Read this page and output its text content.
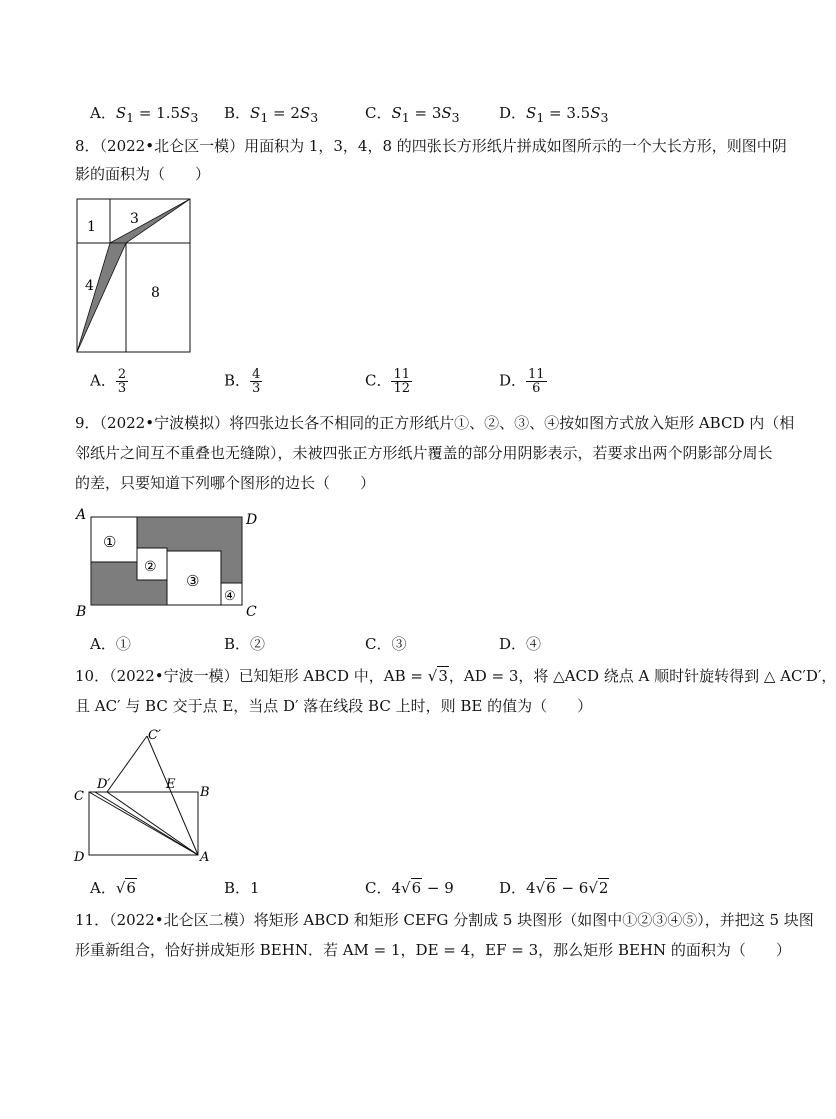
A．$S_1 = 1.5S_3$ B．$S_1 = 2S_3$	C．$S_1 = 3S_3$	D．$S_1 = 3.5S_3$
8．（2022•北仑区一模）用面积为 1，3，4，8 的四张长方形纸片拼成如图所示的一个大长方形，则图中阴
影的面积为（　　）
1 3
4	8
A． $\frac{2}{3}$	B． $\frac{4}{3}$	C． $\frac{11}{12}$	D． $\frac{11}{6}$
9．（2022•宁波模拟）将四张边长各不相同的正方形纸片①、②、③、④按如图方式放入矩形 ABCD 内（相
邻纸片之间互不重叠也无缝隙），未被四张正方形纸片覆盖的部分用阴影表示，若要求出两个阴影部分周长
的差，只要知道下列哪个图形的边长（　　）
①
②
③
④
A	D
B	C
A．①	B．②	C．③	D．④
10．（2022•宁波一模）已知矩形 ABCD 中，AB = √3，AD = 3，将 △ACD 绕点 A 顺时针旋转得到 △ AC′D′，
且 AC′ 与 BC 交于点 E，当点 D′ 落在线段 BC 上时，则 BE 的值为（　　）
C′
D′	E
C	B
D	A
A．√6	B．1	C．4√6 − 9	D．4√6 − 6√2
11．（2022•北仑区二模）将矩形 ABCD 和矩形 CEFG 分割成 5 块图形（如图中①②③④⑤），并把这 5 块图
形重新组合，恰好拼成矩形 BEHN．若 AM = 1，DE = 4，EF = 3，那么矩形 BEHN 的面积为（　　）
